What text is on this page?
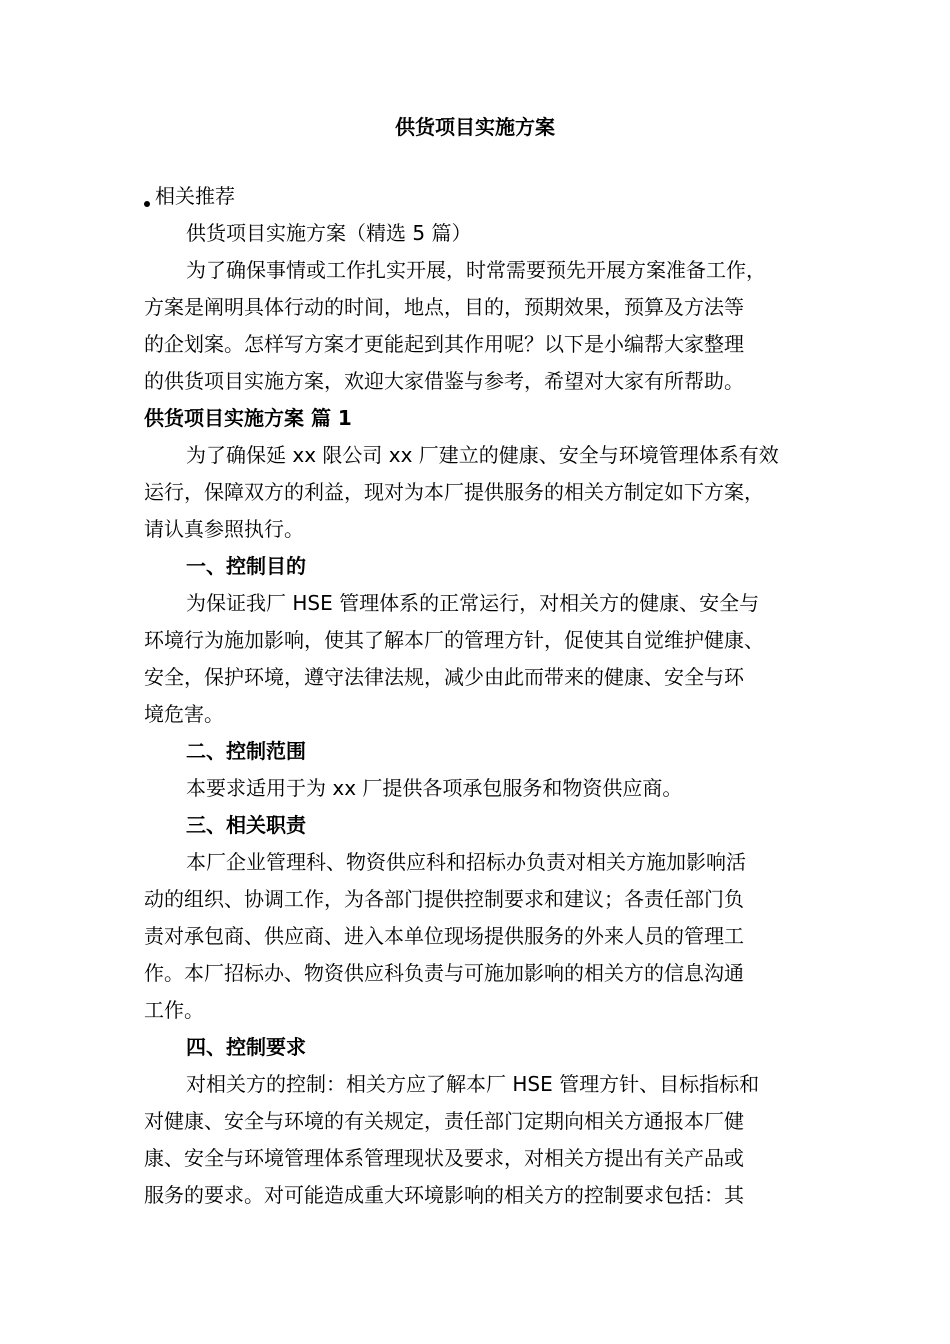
供货项目实施方案
相关推荐
供货项目实施方案（精选 5 篇）
为了确保事情或工作扎实开展，时常需要预先开展方案准备工作，
方案是阐明具体行动的时间，地点，目的，预期效果，预算及方法等
的企划案。怎样写方案才更能起到其作用呢？以下是小编帮大家整理
的供货项目实施方案，欢迎大家借鉴与参考，希望对大家有所帮助。
供货项目实施方案 篇 1
为了确保延 xx 限公司 xx 厂建立的健康、安全与环境管理体系有效
运行，保障双方的利益，现对为本厂提供服务的相关方制定如下方案，
请认真参照执行。
一、控制目的
为保证我厂 HSE 管理体系的正常运行，对相关方的健康、安全与
环境行为施加影响，使其了解本厂的管理方针，促使其自觉维护健康、
安全，保护环境，遵守法律法规，减少由此而带来的健康、安全与环
境危害。
二、控制范围
本要求适用于为 xx 厂提供各项承包服务和物资供应商。
三、相关职责
本厂企业管理科、物资供应科和招标办负责对相关方施加影响活
动的组织、协调工作，为各部门提供控制要求和建议；各责任部门负
责对承包商、供应商、进入本单位现场提供服务的外来人员的管理工
作。本厂招标办、物资供应科负责与可施加影响的相关方的信息沟通
工作。
四、控制要求
对相关方的控制：相关方应了解本厂 HSE 管理方针、目标指标和
对健康、安全与环境的有关规定，责任部门定期向相关方通报本厂健
康、安全与环境管理体系管理现状及要求，对相关方提出有关产品或
服务的要求。对可能造成重大环境影响的相关方的控制要求包括：其
